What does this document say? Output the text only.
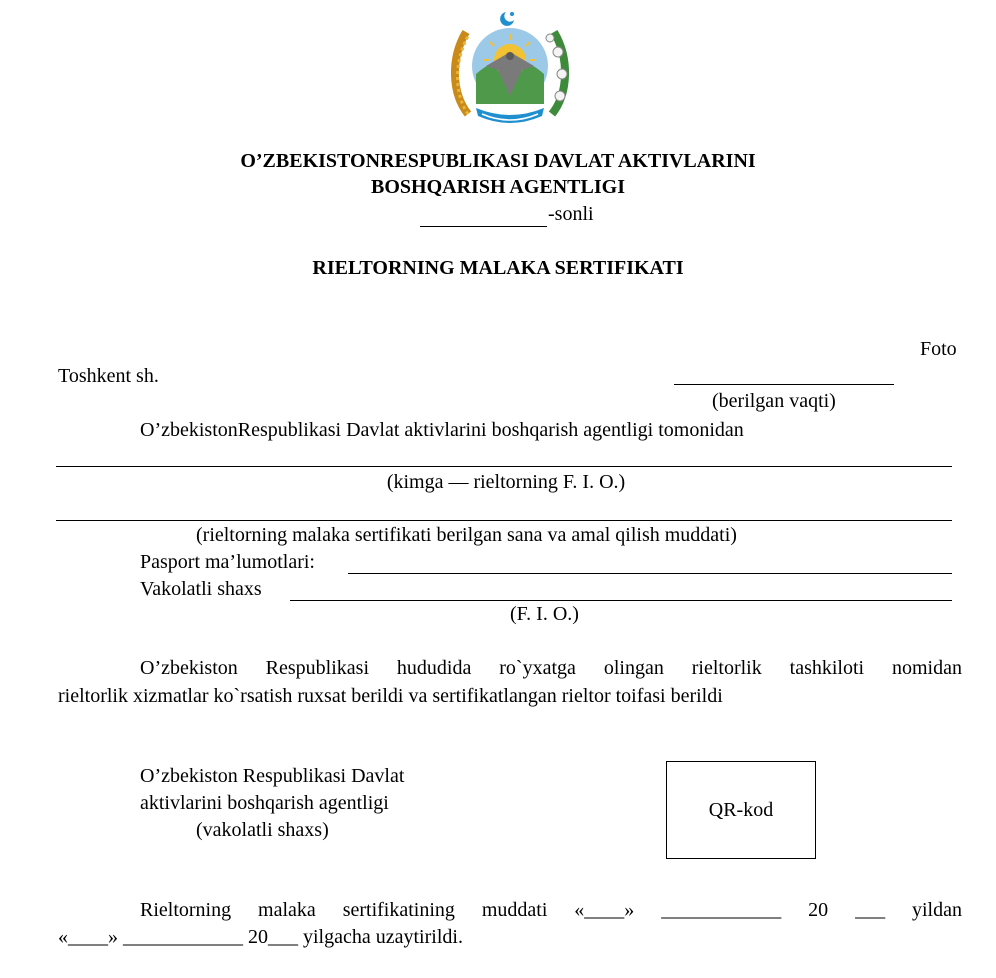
O’ZBEKISTONRESPUBLIKASI DAVLAT AKTIVLARINI
BOSHQARISH AGENTLIGI
-sonli
RIELTORNING MALAKA SERTIFIKATI
Foto
Toshkent sh.
(berilgan vaqti)
O’zbekistonRespublikasi Davlat aktivlarini boshqarish agentligi tomonidan
(kimga — rieltorning F. I. O.)
(rieltorning malaka sertifikati berilgan sana va amal qilish muddati)
Pasport ma’lumotlari:
Vakolatli shaxs
(F. I. O.)
O’zbekiston Respublikasi hududida ro`yxatga olingan rieltorlik tashkiloti nomidan
rieltorlik xizmatlar ko`rsatish ruxsat berildi va sertifikatlangan rieltor toifasi berildi
O’zbekiston Respublikasi Davlat
aktivlarini boshqarish agentligi
(vakolatli shaxs)
QR-kod
Rieltorning malaka sertifikatining muddati «____» ____________ 20 ___ yildan
«____» ____________ 20___ yilgacha uzaytirildi.
